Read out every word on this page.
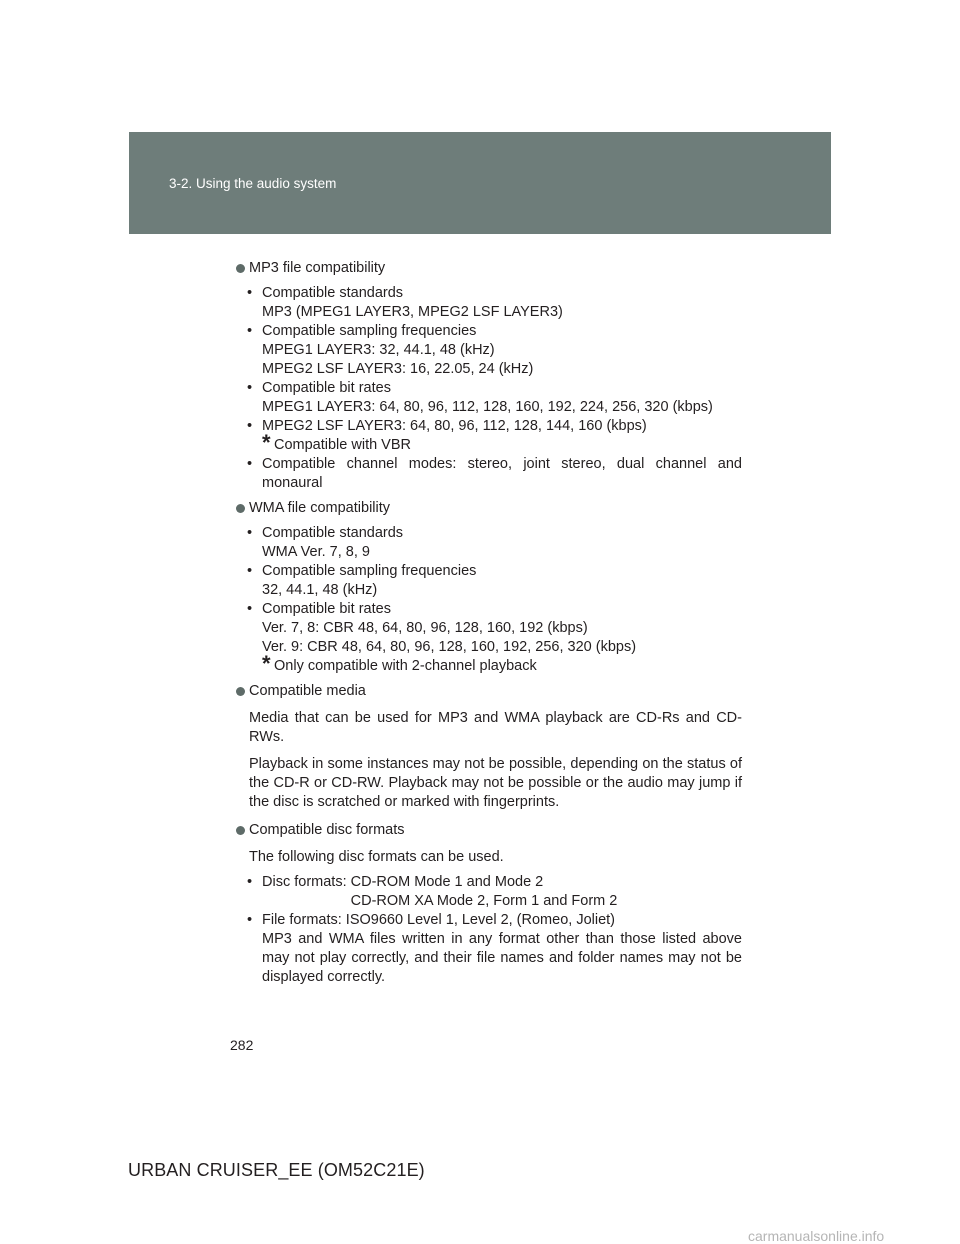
3-2. Using the audio system

MP3 file compatibility

• Compatible standards
MP3 (MPEG1 LAYER3, MPEG2 LSF LAYER3)
• Compatible sampling frequencies
MPEG1 LAYER3: 32, 44.1, 48 (kHz)
MPEG2 LSF LAYER3: 16, 22.05, 24 (kHz)
• Compatible bit rates
MPEG1 LAYER3: 64, 80, 96, 112, 128, 160, 192, 224, 256, 320 (kbps)
• MPEG2 LSF LAYER3: 64, 80, 96, 112, 128, 144, 160 (kbps)
* Compatible with VBR
• Compatible channel modes: stereo, joint stereo, dual channel and monaural

WMA file compatibility

• Compatible standards
WMA Ver. 7, 8, 9
• Compatible sampling frequencies
32, 44.1, 48 (kHz)
• Compatible bit rates
Ver. 7, 8: CBR 48, 64, 80, 96, 128, 160, 192 (kbps)
Ver. 9: CBR 48, 64, 80, 96, 128, 160, 192, 256, 320 (kbps)
* Only compatible with 2-channel playback

Compatible media

Media that can be used for MP3 and WMA playback are CD-Rs and CD-RWs.

Playback in some instances may not be possible, depending on the status of the CD-R or CD-RW. Playback may not be possible or the audio may jump if the disc is scratched or marked with fingerprints.

Compatible disc formats

The following disc formats can be used.

• Disc formats: CD-ROM Mode 1 and Mode 2
CD-ROM XA Mode 2, Form 1 and Form 2
• File formats: ISO9660 Level 1, Level 2, (Romeo, Joliet)
MP3 and WMA files written in any format other than those listed above may not play correctly, and their file names and folder names may not be displayed correctly.
282
URBAN CRUISER_EE (OM52C21E)
carmanualsonline.info
